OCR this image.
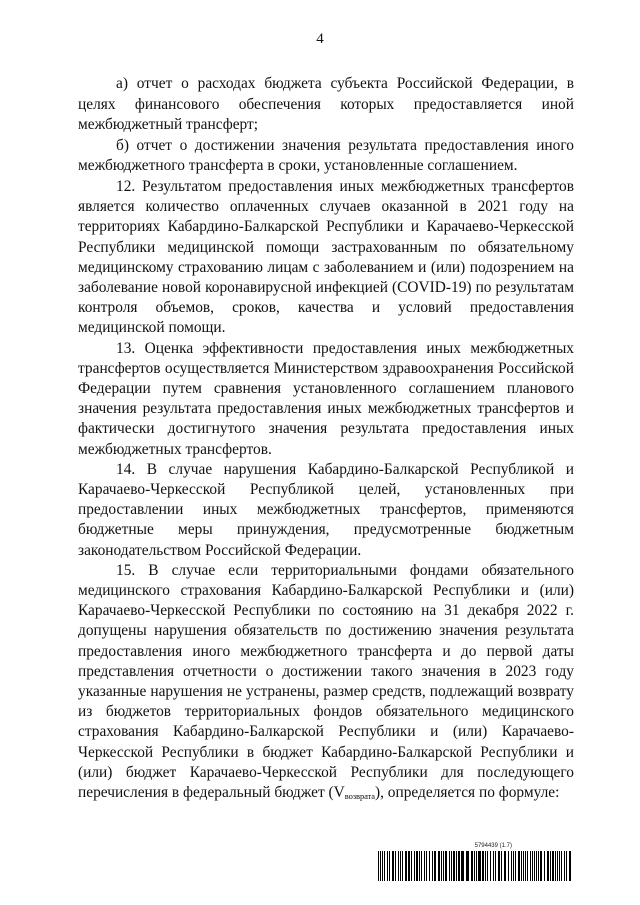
4

а) отчет о расходах бюджета субъекта Российской Федерации, в целях финансового обеспечения которых предоставляется иной межбюджетный трансферт;

б) отчет о достижении значения результата предоставления иного межбюджетного трансферта в сроки, установленные соглашением.

12. Результатом предоставления иных межбюджетных трансфертов является количество оплаченных случаев оказанной в 2021 году на территориях Кабардино-Балкарской Республики и Карачаево-Черкесской Республики медицинской помощи застрахованным по обязательному медицинскому страхованию лицам с заболеванием и (или) подозрением на заболевание новой коронавирусной инфекцией (COVID-19) по результатам контроля объемов, сроков, качества и условий предоставления медицинской помощи.

13. Оценка эффективности предоставления иных межбюджетных трансфертов осуществляется Министерством здравоохранения Российской Федерации путем сравнения установленного соглашением планового значения результата предоставления иных межбюджетных трансфертов и фактически достигнутого значения результата предоставления иных межбюджетных трансфертов.

14. В случае нарушения Кабардино-Балкарской Республикой и Карачаево-Черкесской Республикой целей, установленных при предоставлении иных межбюджетных трансфертов, применяются бюджетные меры принуждения, предусмотренные бюджетным законодательством Российской Федерации.

15. В случае если территориальными фондами обязательного медицинского страхования Кабардино-Балкарской Республики и (или) Карачаево-Черкесской Республики по состоянию на 31 декабря 2022 г. допущены нарушения обязательств по достижению значения результата предоставления иного межбюджетного трансферта и до первой даты представления отчетности о достижении такого значения в 2023 году указанные нарушения не устранены, размер средств, подлежащий возврату из бюджетов территориальных фондов обязательного медицинского страхования Кабардино-Балкарской Республики и (или) Карачаево-Черкесской Республики в бюджет Кабардино-Балкарской Республики и (или) бюджет Карачаево-Черкесской Республики для последующего перечисления в федеральный бюджет $(V_{возврата})$, определяется по формуле:

5794439 (1.7)
